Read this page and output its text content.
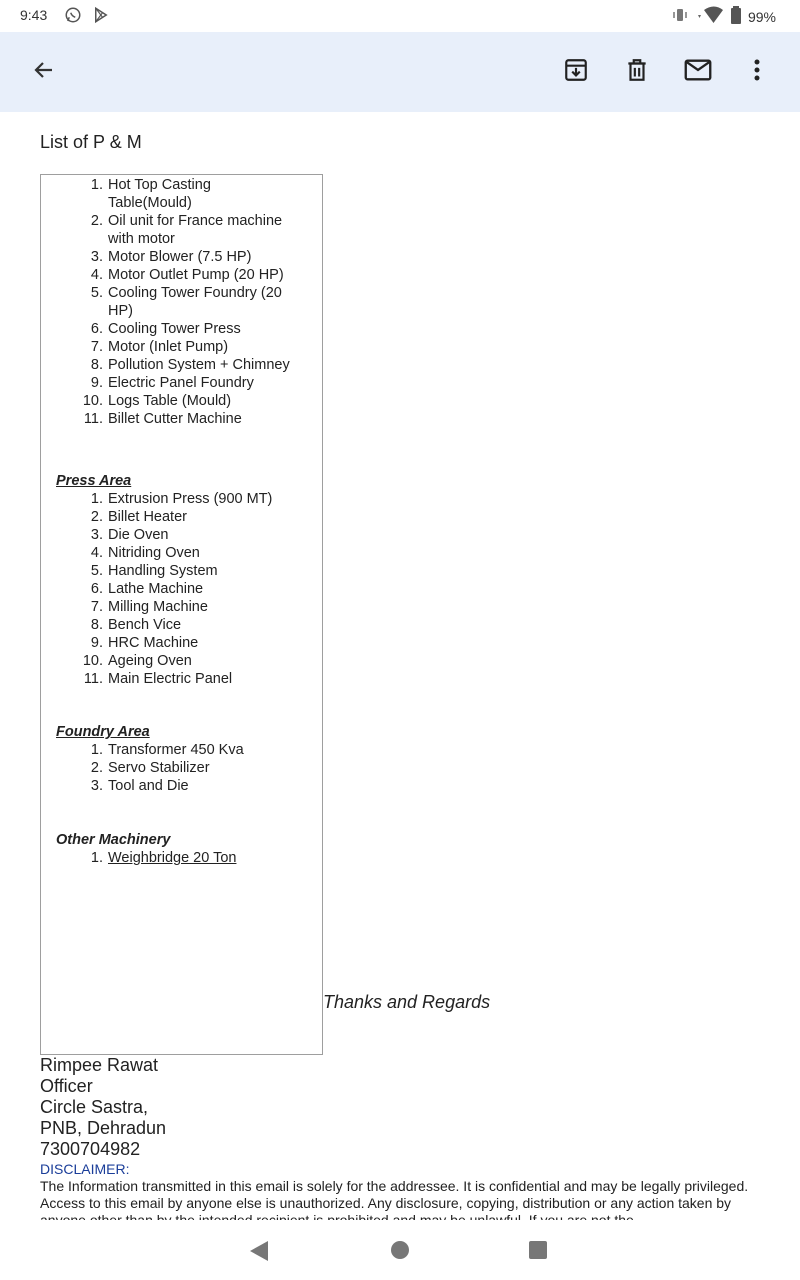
9:43	99%
List of P & M
1. Hot Top Casting Table(Mould)
2. Oil unit for France machine with motor
3. Motor Blower (7.5 HP)
4. Motor Outlet Pump (20 HP)
5. Cooling Tower Foundry (20 HP)
6. Cooling Tower Press
7. Motor (Inlet Pump)
8. Pollution System + Chimney
9. Electric Panel Foundry
10. Logs Table (Mould)
11. Billet Cutter Machine
Press Area
1. Extrusion Press (900 MT)
2. Billet Heater
3. Die Oven
4. Nitriding Oven
5. Handling System
6. Lathe Machine
7. Milling Machine
8. Bench Vice
9. HRC Machine
10. Ageing Oven
11. Main Electric Panel
Foundry Area
1. Transformer 450 Kva
2. Servo Stabilizer
3. Tool and Die
Other Machinery
1. Weighbridge 20 Ton
Thanks and Regards
Rimpee Rawat
Officer
Circle Sastra,
PNB, Dehradun
7300704982
DISCLAIMER:
The Information transmitted in this email is solely for the addressee. It is confidential and may be legally privileged. Access to this email by anyone else is unauthorized. Any disclosure, copying, distribution or any action taken by
